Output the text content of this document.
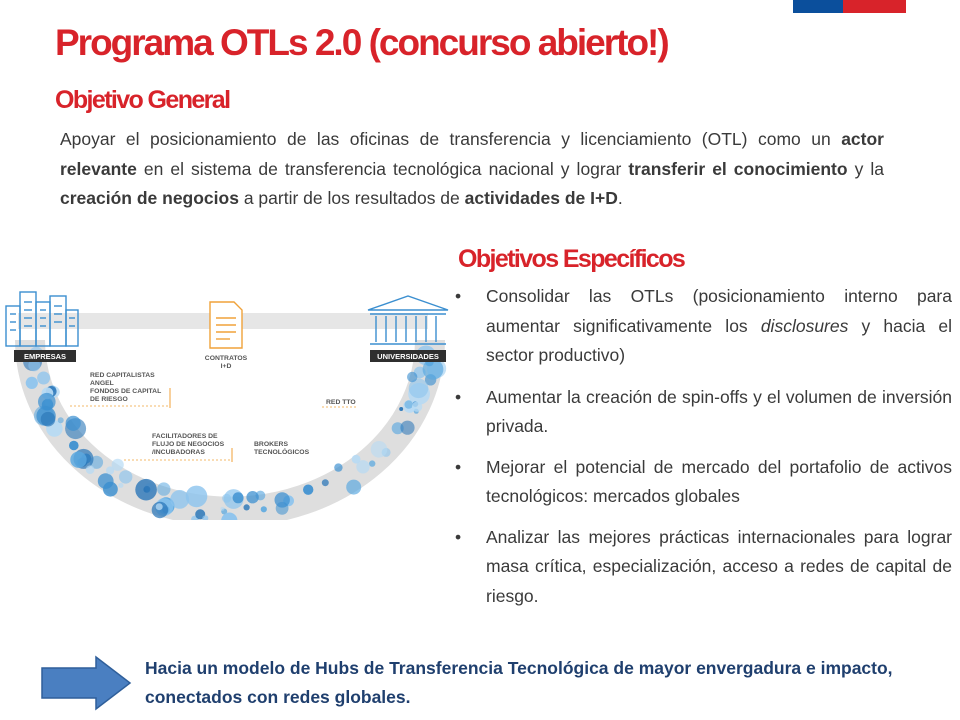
Programa OTLs 2.0 (concurso abierto!)
Objetivo General

Apoyar el posicionamiento de las oficinas de transferencia y licenciamiento (OTL) como un actor relevante en el sistema de transferencia tecnológica nacional y lograr transferir el conocimiento y la creación de negocios a partir de los resultados de actividades de I+D.

Objetivos Específicos
• Consolidar las OTLs (posicionamiento interno para aumentar significativamente los disclosures y hacia el sector productivo)
• Aumentar la creación de spin-offs y el volumen de inversión privada.
• Mejorar el potencial de mercado del portafolio de activos tecnológicos: mercados globales
• Analizar las mejores prácticas internacionales para lograr masa crítica, especialización, acceso a redes de capital de riesgo.
EMPRESAS	CONTRATOS
I+D
UNIVERSIDADES
RED CAPITALISTAS
ANGEL
FONDOS DE CAPITAL
DE RIESGO
FACILITADORES DE
FLUJO DE NEGOCIOS
/INCUBADORAS
BROKERS
TECNOLÓGICOS
RED TTO

Hacia un modelo de Hubs de Transferencia Tecnológica de mayor envergadura e impacto, conectados con redes globales.
